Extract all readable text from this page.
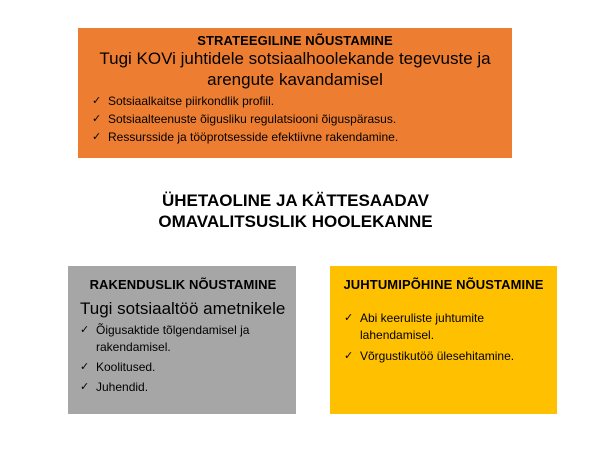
STRATEEGILINE NÕUSTAMINE
Tugi KOVi juhtidele sotsiaalhoolekande tegevuste ja arengute kavandamisel
✓ Sotsiaalkaitse piirkondlik profiil.
✓ Sotsiaalteenuste õigusliku regulatsiooni õiguspärasus.
✓ Ressursside ja tööprotsesside efektiivne rakendamine.
ÜHETAOLINE JA KÄTTESAADAV
OMAVALITSUSLIK HOOLEKANNE
RAKENDUSLIK NÕUSTAMINE
Tugi sotsiaaltöö ametnikele
✓ Õigusaktide tõlgendamisel ja rakendamisel.
✓ Koolitused.
✓ Juhendid.
JUHTUMIPÕHINE NÕUSTAMINE
✓ Abi keeruliste juhtumite lahendamisel.
✓ Võrgustikutöö ülesehitamine.
